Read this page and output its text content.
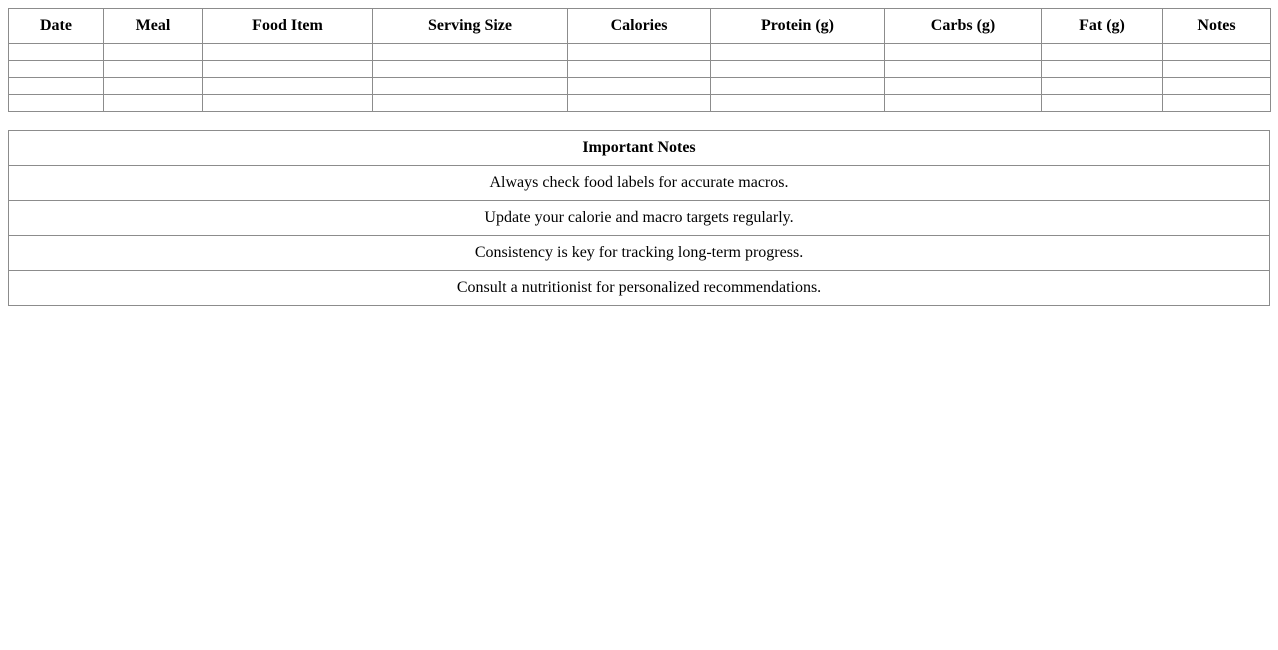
Date	Meal	Food Item	Serving Size	Calories	Protein (g)	Carbs (g)	Fat (g)	Notes

Important Notes
Always check food labels for accurate macros.
Update your calorie and macro targets regularly.
Consistency is key for tracking long-term progress.
Consult a nutritionist for personalized recommendations.
